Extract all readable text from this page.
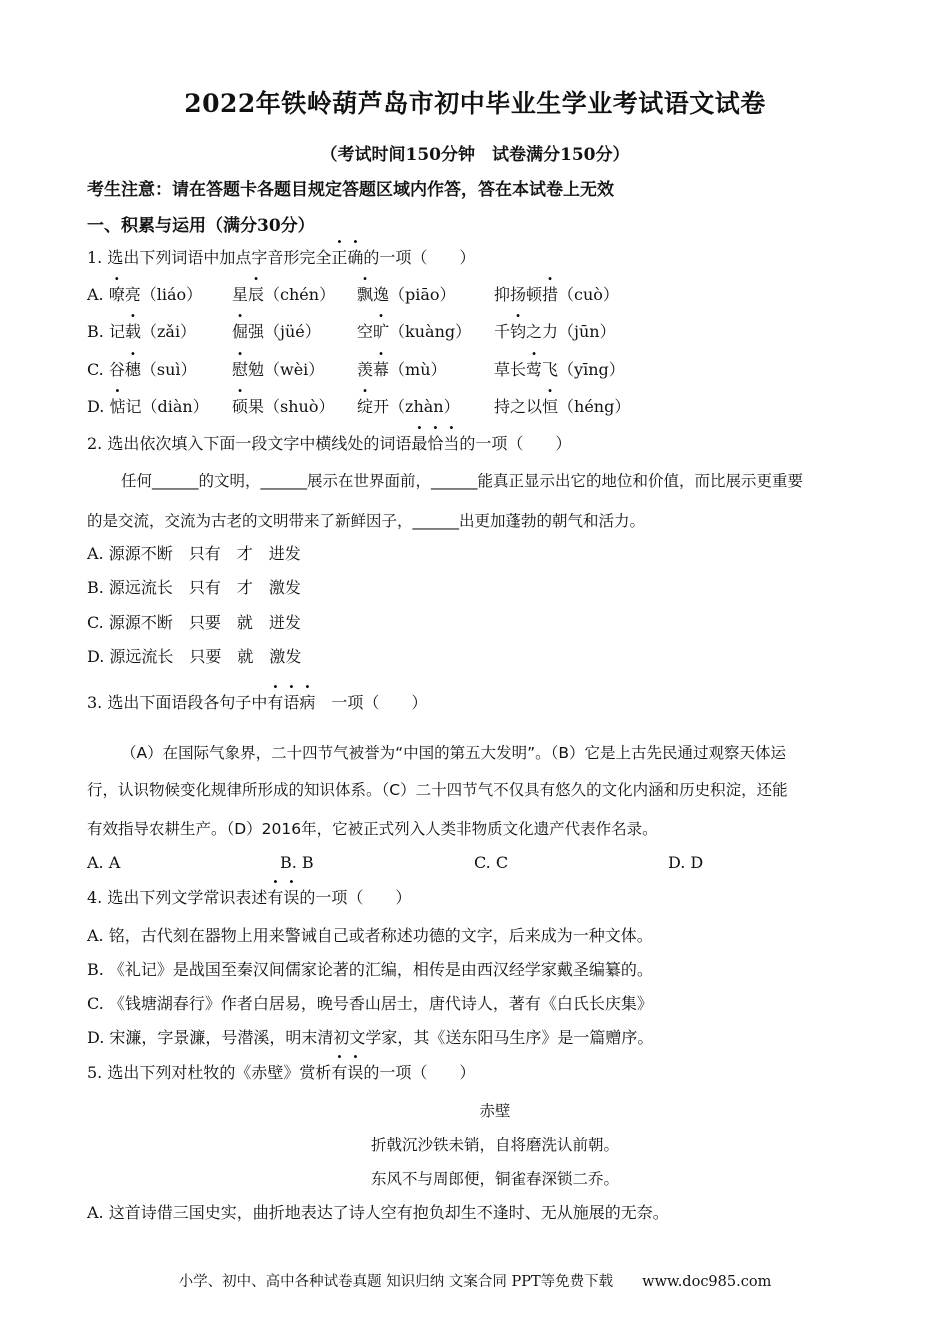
2022年铁岭葫芦岛市初中毕业生学业考试语文试卷
（考试时间150分钟　试卷满分150分）
考生注意：请在答题卡各题目规定答题区域内作答，答在本试卷上无效
一、积累与运用（满分30分）
1. 选出下列词语中加点字音形完全正确的一项（　　）
A. 嘹亮（liáo） 星辰（chén） 飘逸（piāo） 抑扬顿措（cuò）
B. 记载（zǎi） 倔强（jüé） 空旷（kuàng） 千钧之力（jūn）
C. 谷穗（suì） 慰勉（wèi） 羡幕（mù）	草长莺飞（yīng）
D. 惦记（diàn） 硕果（shuò） 绽开（zhàn） 持之以恒（héng）
2. 选出依次填入下面一段文字中横线处的词语最恰当的一项（　　）
任何______的文明，______展示在世界面前，______能真正显示出它的地位和价值，而比展示更重要
的是交流，交流为古老的文明带来了新鲜因子，______出更加蓬勃的朝气和活力。
A. 源源不断　只有　才　进发
B. 源远流长　只有　才　激发
C. 源源不断　只要　就　迸发
D. 源远流长　只要　就　激发
3. 选出下面语段各句子中有语病　一项（　　）
（A）在国际气象界，二十四节气被誉为“中国的第五大发明”。（B）它是上古先民通过观察天体运
行，认识物候变化规律所形成的知识体系。（C）二十四节气不仅具有悠久的文化内涵和历史积淀，还能
有效指导农耕生产。（D）2016年，它被正式列入人类非物质文化遗产代表作名录。
A. A	B. B	C. C	D. D
4. 选出下列文学常识表述有误的一项（　　）
A. 铭，古代刻在器物上用来警诫自己或者称述功德的文字，后来成为一种文体。
B. 《礼记》是战国至秦汉间儒家论著的汇编，相传是由西汉经学家戴圣编纂的。
C. 《钱塘湖春行》作者白居易，晚号香山居士，唐代诗人，著有《白氏长庆集》
D. 宋濂，字景濂，号潜溪，明末清初文学家，其《送东阳马生序》是一篇赠序。
5. 选出下列对杜牧的《赤壁》赏析有误的一项（　　）
赤壁
折戟沉沙铁未销，自将磨洗认前朝。
东风不与周郎便，铜雀春深锁二乔。
A. 这首诗借三国史实，曲折地表达了诗人空有抱负却生不逢时、无从施展的无奈。
小学、初中、高中各种试卷真题 知识归纳 文案合同 PPT等免费下载　　www.doc985.com
